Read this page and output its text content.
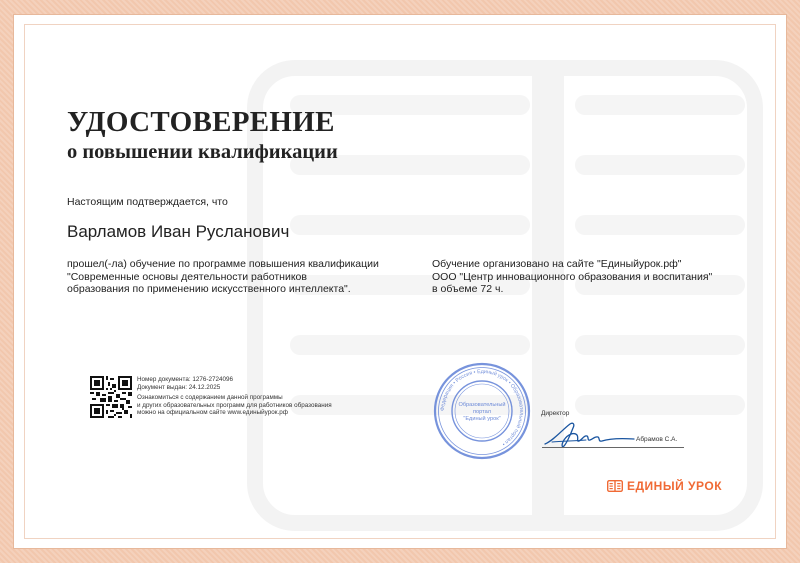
УДОСТОВЕРЕНИЕ
о повышении квалификации
Настоящим подтверждается, что
Варламов Иван Русланович
прошел(-ла) обучение по программе повышения квалификации
"Современные основы деятельности работников
образования по применению искусственного интеллекта".
Обучение организовано на сайте "Единыйурок.рф"
ООО "Центр инновационного образования и воспитания"
в объеме 72 ч.
Номер документа: 1276-2724096
Документ выдан: 24.12.2025
Ознакомиться с содержанием данной программы
и других образовательных программ для работников образования
можно на официальном сайте www.единыйурок.рф
Федерация • Россия • Единый урок • Образовательный портал •
Образовательный
портал
"Единый урок"
Директор
Абрамов С.А.
ЕДИНЫЙ УРОК
